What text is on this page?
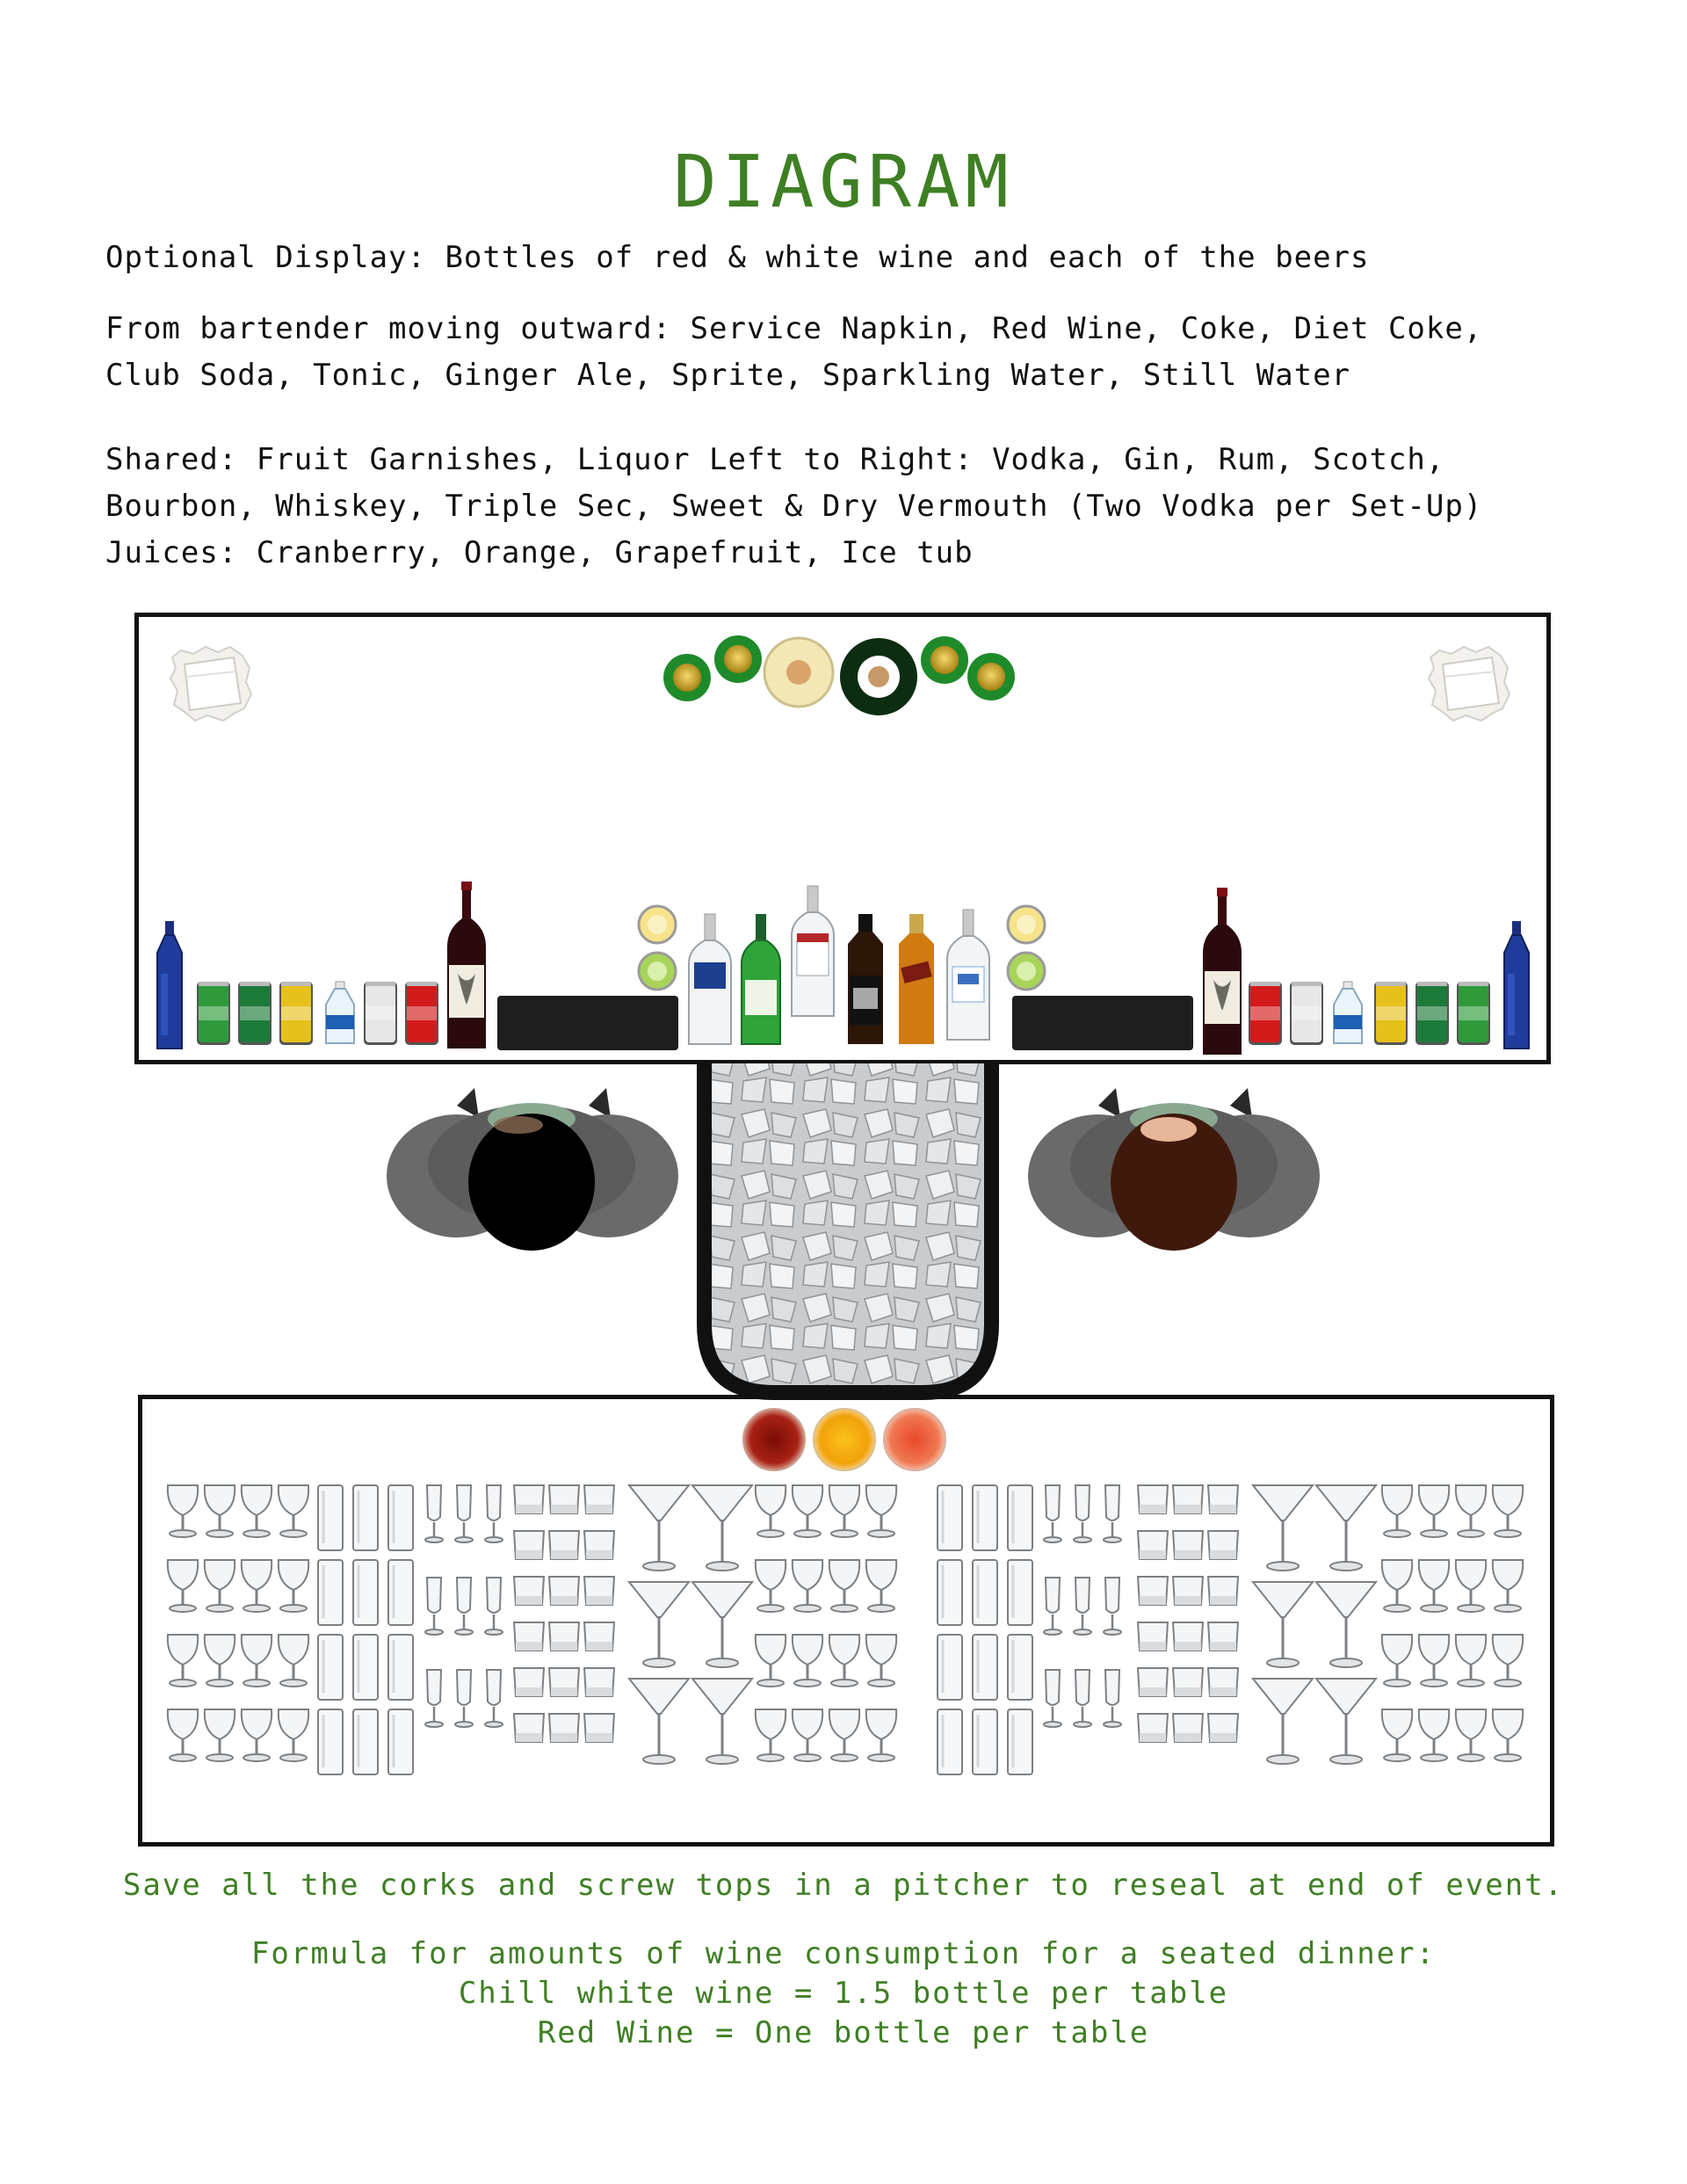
DIAGRAM
Optional Display: Bottles of red & white wine and each of the beers
From bartender moving outward: Service Napkin, Red Wine, Coke, Diet Coke,
Club Soda, Tonic, Ginger Ale, Sprite, Sparkling Water, Still Water
Shared: Fruit Garnishes, Liquor Left to Right: Vodka, Gin, Rum, Scotch,
Bourbon, Whiskey, Triple Sec, Sweet & Dry Vermouth (Two Vodka per Set-Up)
Juices: Cranberry, Orange, Grapefruit, Ice tub
Save all the corks and screw tops in a pitcher to reseal at end of event.
Formula for amounts of wine consumption for a seated dinner:
Chill white wine = 1.5 bottle per table
Red Wine = One bottle per table
